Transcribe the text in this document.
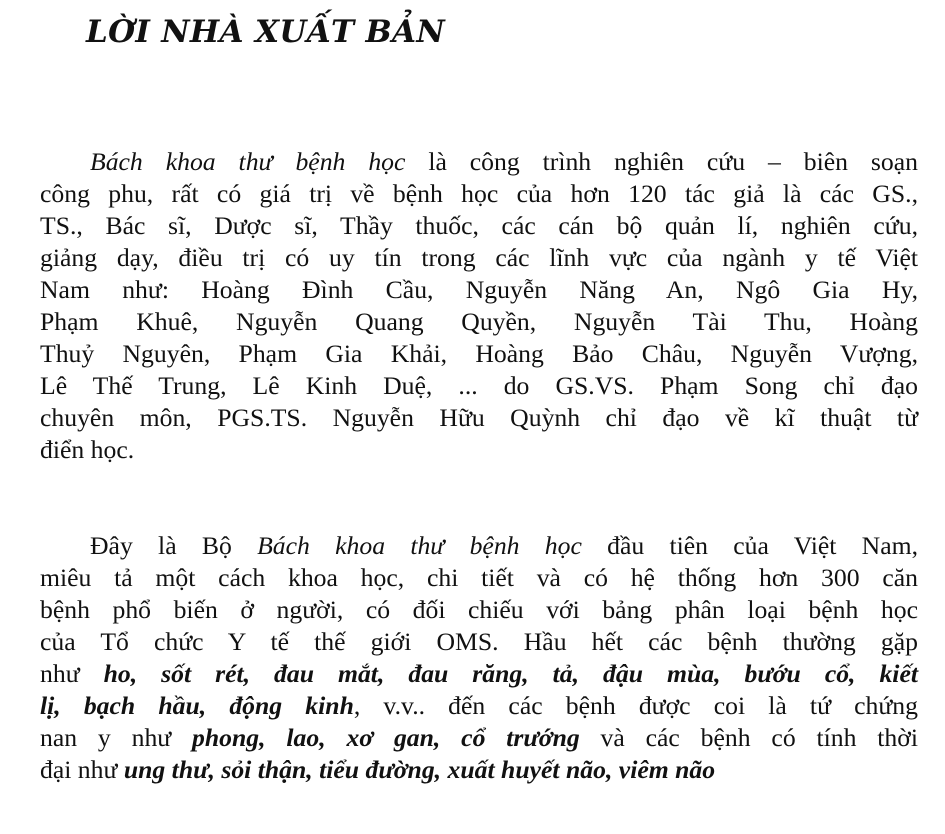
LỜI NHÀ XUẤT BẢN
Bách khoa thư bệnh học là công trình nghiên cứu – biên soạn
công phu, rất có giá trị về bệnh học của hơn 120 tác giả là các GS.,
TS., Bác sĩ, Dược sĩ, Thầy thuốc, các cán bộ quản lí, nghiên cứu,
giảng dạy, điều trị có uy tín trong các lĩnh vực của ngành y tế Việt
Nam như: Hoàng Đình Cầu, Nguyễn Năng An, Ngô Gia Hy,
Phạm Khuê, Nguyễn Quang Quyền, Nguyễn Tài Thu, Hoàng
Thuỷ Nguyên, Phạm Gia Khải, Hoàng Bảo Châu, Nguyễn Vượng,
Lê Thế Trung, Lê Kinh Duệ, ... do GS.VS. Phạm Song chỉ đạo
chuyên môn, PGS.TS. Nguyễn Hữu Quỳnh chỉ đạo về kĩ thuật từ
điển học.
Đây là Bộ Bách khoa thư bệnh học đầu tiên của Việt Nam,
miêu tả một cách khoa học, chi tiết và có hệ thống hơn 300 căn
bệnh phổ biến ở người, có đối chiếu với bảng phân loại bệnh học
của Tổ chức Y tế thế giới OMS. Hầu hết các bệnh thường gặp
như ho, sốt rét, đau mắt, đau răng, tả, đậu mùa, bướu cổ, kiết
lị, bạch hầu, động kinh, v.v.. đến các bệnh được coi là tứ chứng
nan y như phong, lao, xơ gan, cổ trướng và các bệnh có tính thời
đại như ung thư, sỏi thận, tiểu đường, xuất huyết não, viêm não
